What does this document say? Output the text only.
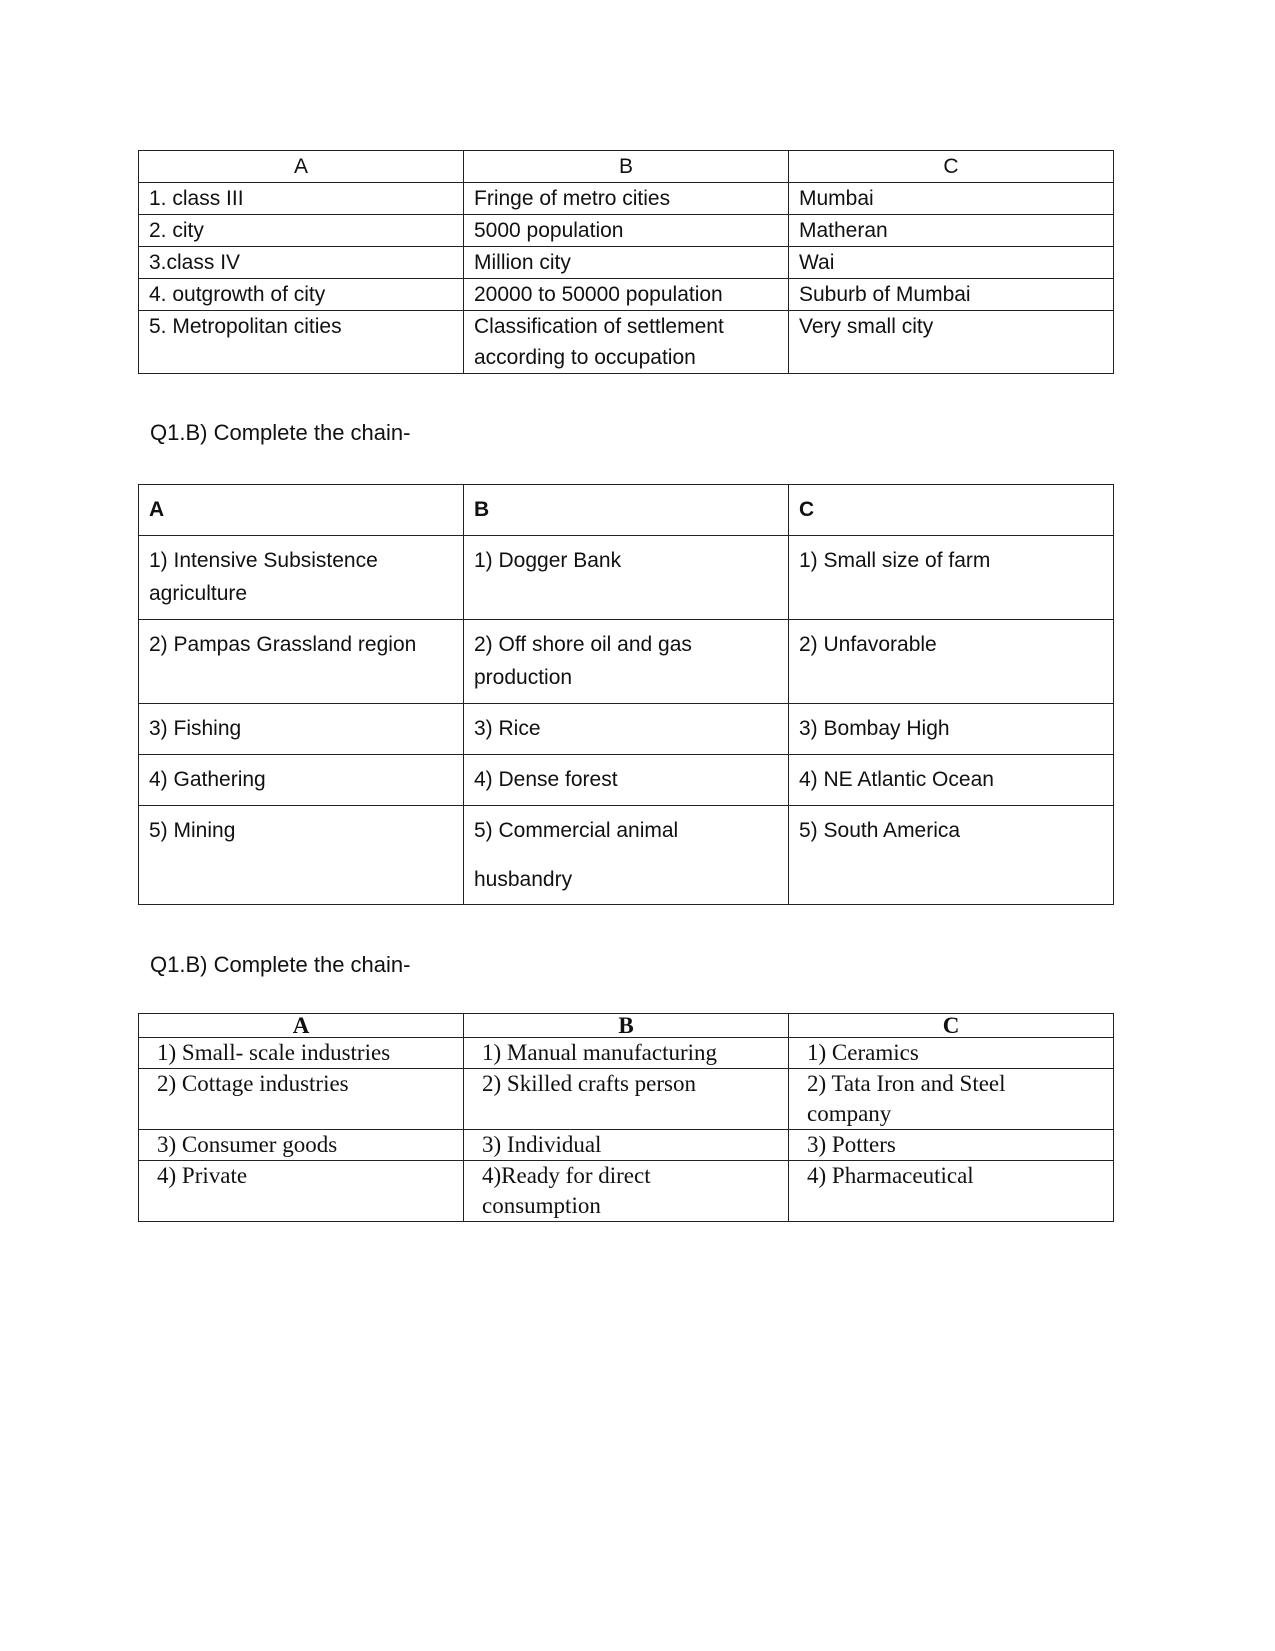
A	B	C
1. class III	Fringe of metro cities	Mumbai
2. city	5000 population	Matheran
3.class IV	Million city	Wai
4. outgrowth of city	20000 to 50000 population	Suburb of Mumbai
5. Metropolitan cities	Classification of settlement according to occupation	Very small city
Q1.B) Complete the chain-
A	B	C
1) Intensive Subsistence agriculture	1) Dogger Bank	1) Small size of farm
2) Pampas Grassland region	2) Off shore oil and gas production	2) Unfavorable
3) Fishing	3) Rice	3) Bombay High
4) Gathering	4) Dense forest	4) NE Atlantic Ocean
5) Mining	5) Commercial animal husbandry	5) South America
Q1.B) Complete the chain-
A	B	C
1) Small- scale industries	1) Manual manufacturing	1) Ceramics
2) Cottage industries	2) Skilled crafts person	2) Tata Iron and Steel company
3) Consumer goods	3) Individual	3) Potters
4) Private	4)Ready for direct consumption	4) Pharmaceutical
